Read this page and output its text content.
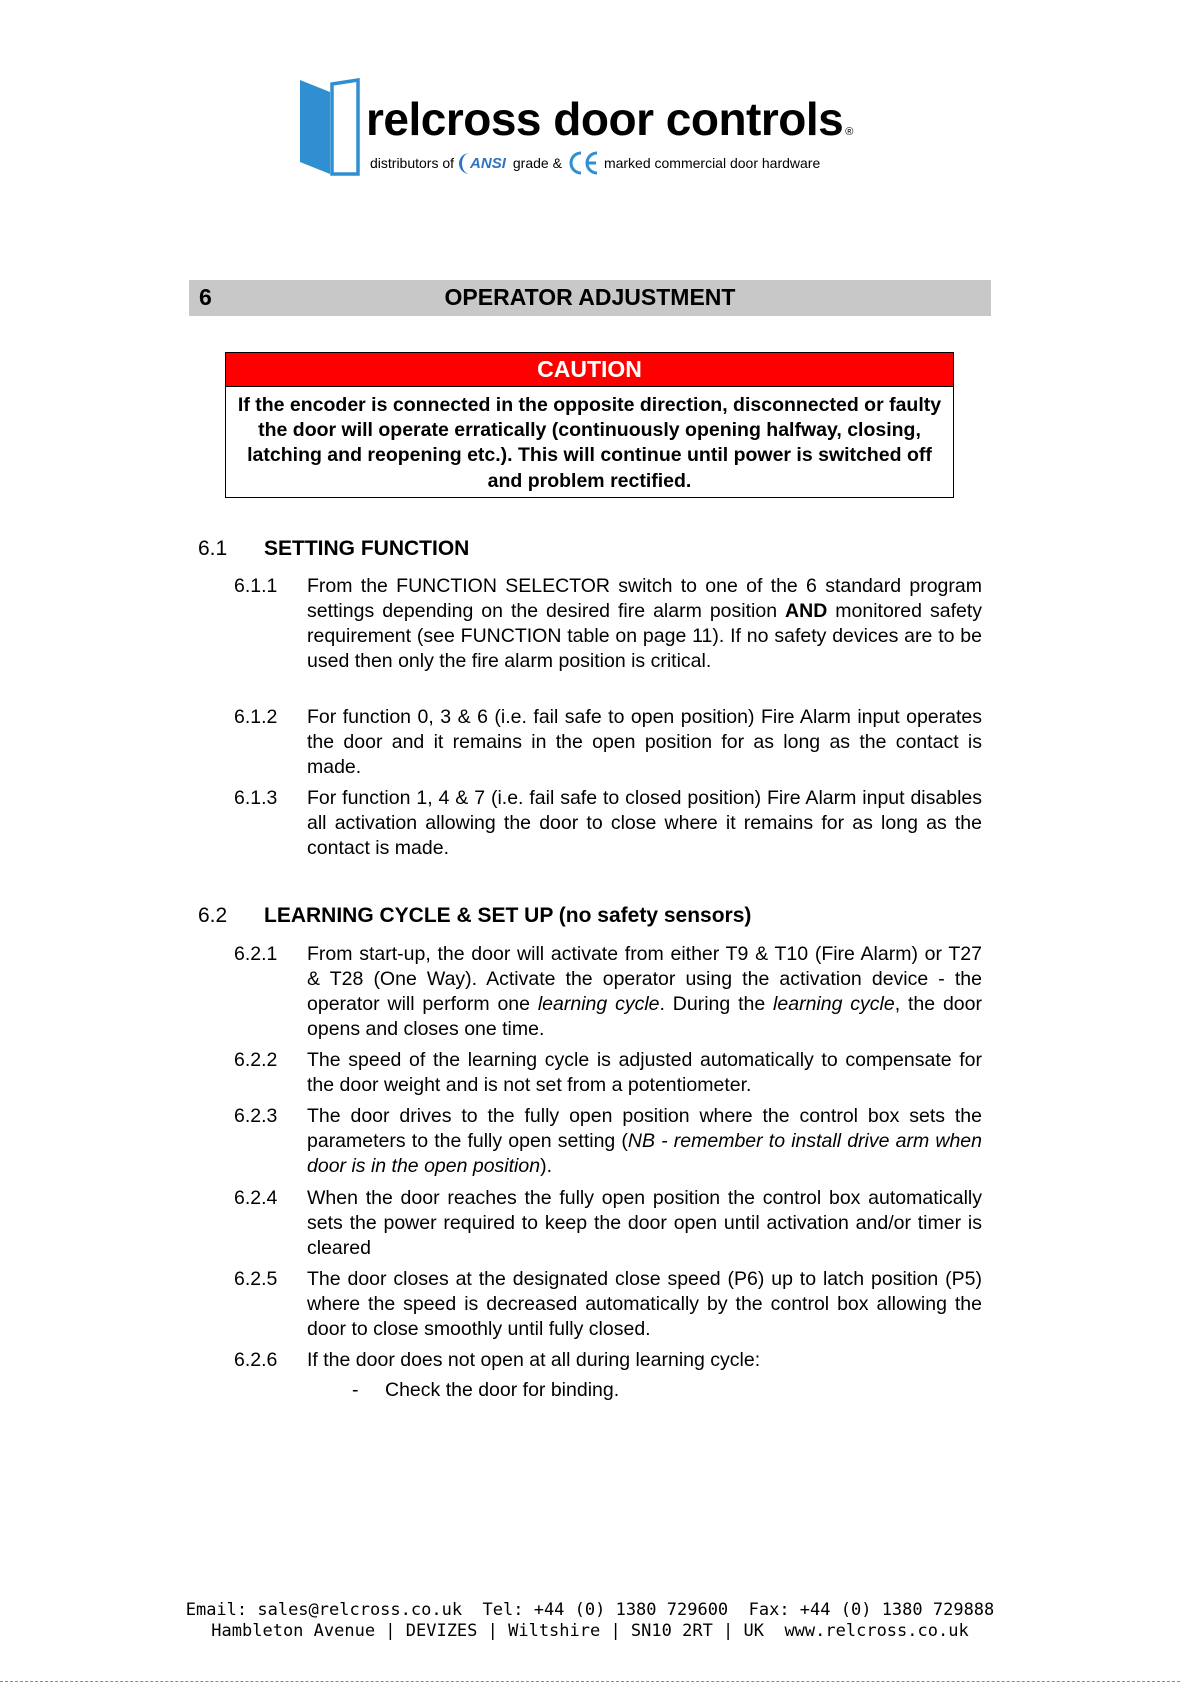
relcross door controls ®
distributors of	ANSI grade &	marked commercial door hardware
OPERATOR ADJUSTMENT
6
CAUTION
If the encoder is connected in the opposite direction, disconnected or faulty the door will operate erratically (continuously opening halfway, closing, latching and reopening etc.). This will continue until power is switched off and problem rectified.
6.1 SETTING FUNCTION
6.1.1 From the FUNCTION SELECTOR switch to one of the 6 standard program settings depending on the desired fire alarm position AND monitored safety requirement (see FUNCTION table on page 11). If no safety devices are to be used then only the fire alarm position is critical.
6.1.2 For function 0, 3 & 6 (i.e. fail safe to open position) Fire Alarm input operates the door and it remains in the open position for as long as the contact is made.
6.1.3 For function 1, 4 & 7 (i.e. fail safe to closed position) Fire Alarm input disables all activation allowing the door to close where it remains for as long as the contact is made.
6.2 LEARNING CYCLE & SET UP (no safety sensors)
6.2.1 From start-up, the door will activate from either T9 & T10 (Fire Alarm) or T27 & T28 (One Way). Activate the operator using the activation device - the operator will perform one learning cycle. During the learning cycle, the door opens and closes one time.
6.2.2 The speed of the learning cycle is adjusted automatically to compensate for the door weight and is not set from a potentiometer.
6.2.3 The door drives to the fully open position where the control box sets the parameters to the fully open setting (NB - remember to install drive arm when door is in the open position).
6.2.4 When the door reaches the fully open position the control box automatically sets the power required to keep the door open until activation and/or timer is cleared
6.2.5 The door closes at the designated close speed (P6) up to latch position (P5) where the speed is decreased automatically by the control box allowing the door to close smoothly until fully closed.
6.2.6 If the door does not open at all during learning cycle:
- Check the door for binding.
Email: sales@relcross.co.uk  Tel: +44 (0) 1380 729600  Fax: +44 (0) 1380 729888
Hambleton Avenue | DEVIZES | Wiltshire | SN10 2RT | UK  www.relcross.co.uk
